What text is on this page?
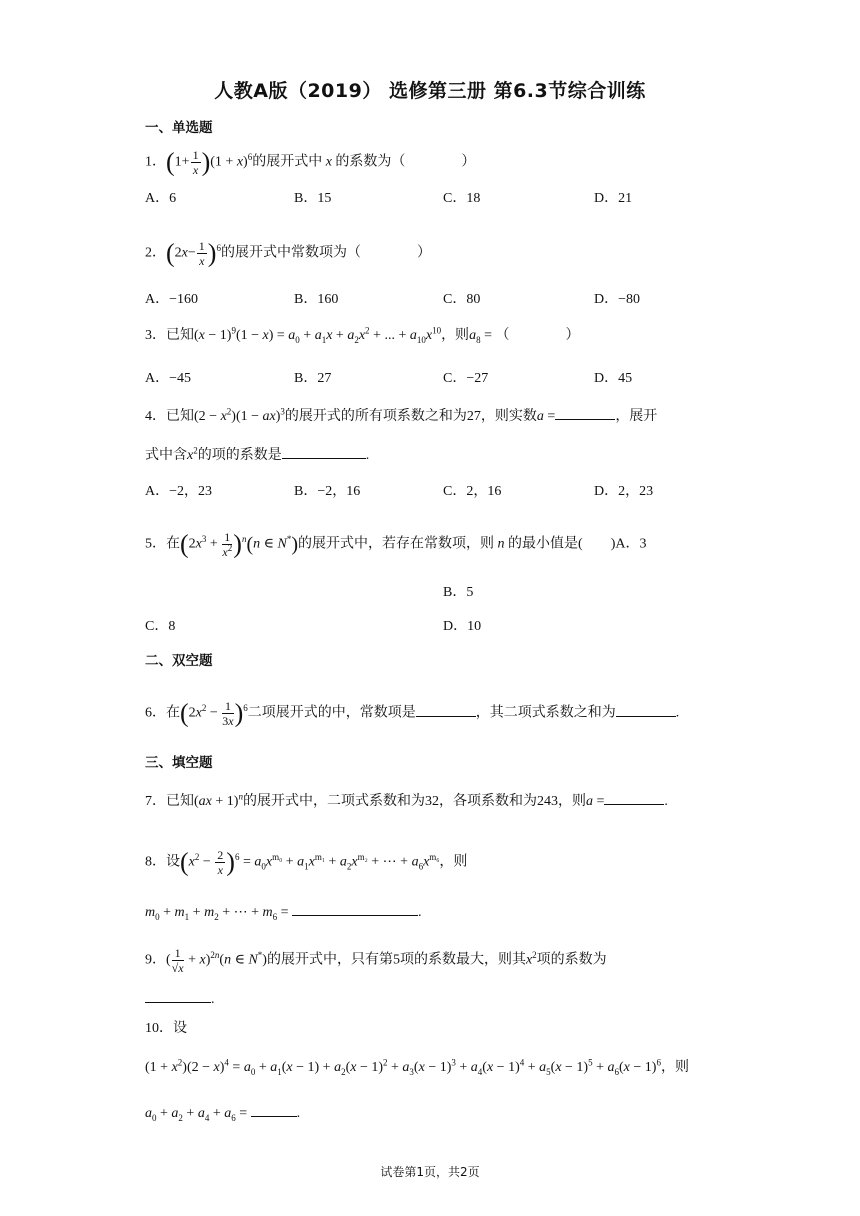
人教A版（2019） 选修第三册 第6.3节综合训练
一、单选题
1．$(1+ \frac{1}{x} )(1 + x)^6$的展开式中 x 的系数为（　　　　	）
A．6	B．15	C．18	D．21
2．$(2x- \frac{1}{x} )^6$的展开式中常数项为（　　　　	）
A．−160	B．160	C．80	D．−80
3．已知$(x - 1)^9(1 - x) = a_0 + a_1x + a_2x^2$ + ... + $a_{10}x^{10}$，则$a_8$ = （　　　　）
A．−45	B．27	C．−27	D．45
4．已知$(2 - x^2)(1 - ax)^3$的展开式的所有项系数之和为27，则实数a =	，展开
式中含$x^2$的项的系数是	.
A．−2，23	B．−2，16	C．2，16	D．2，23
5．在$(2x^3 + \frac{1}{x^2} )^n(n$ ∈ N*)的展开式中，若存在常数项，则 n 的最小值是(　　)A．3
B．5
C．8	D．10
二、双空题
6．在$(2x^2 - \frac{1}{3x} )^6$二项展开式的中，常数项是	，其二项式系数之和为	.
三、填空题
7．已知(ax + 1)$^n$的展开式中，二项式系数和为32，各项系数和为243，则a =	.
8．设$(x^2 - \frac{2}{x} )^6 = a_0x^{m_0} + a_1x^{m_1} + a_2x^{m_2}$ + ⋯ + $a_6x^{m_6}$，则
$m_0 + m_1 + m_2$ + ⋯ + $m_6$ =	.
9．( $\frac{1}{√x} + x)^{2n}(n$ ∈ N*)的展开式中，只有第5项的系数最大，则其$x^2$项的系数为
.
10．设
$(1 + x^2)(2 - x)^4 = a_0 + a_1(x - 1) + a_2(x - 1)^2 + a_3(x - 1)^3 + a_4(x - 1)^4 + a_5(x - 1)^5 + a_6(x - 1)^6$，则
$a_0 + a_2 + a_4 + a_6$ =	.
试卷第1页，共2页
